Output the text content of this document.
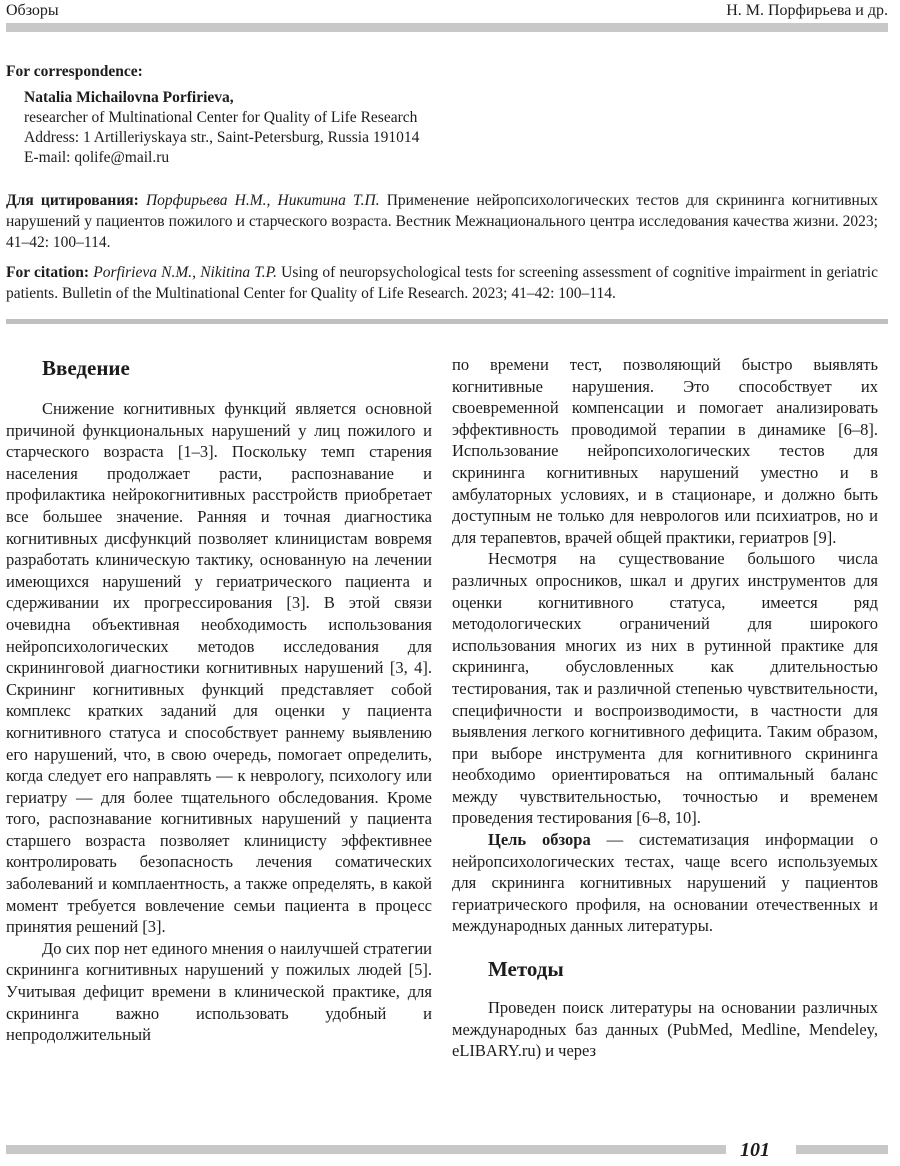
Обзоры	Н. М. Порфирьева и др.
For correspondence:
Natalia Michailovna Porfirieva,
researcher of Multinational Center for Quality of Life Research
Address: 1 Artilleriyskaya str., Saint-Petersburg, Russia 191014
E-mail: qolife@mail.ru
Для цитирования: Порфирьева Н.М., Никитина Т.П. Применение нейропсихологических тестов для скрининга когнитивных нарушений у пациентов пожилого и старческого возраста. Вестник Межнационального центра исследования качества жизни. 2023; 41–42: 100–114.
For citation: Porfirieva N.M., Nikitina T.P. Using of neuropsychological tests for screening assessment of cognitive impairment in geriatric patients. Bulletin of the Multinational Center for Quality of Life Research. 2023; 41–42: 100–114.
Введение

Снижение когнитивных функций является основной причиной функциональных нарушений у лиц пожилого и старческого возраста [1–3]. Поскольку темп старения населения продолжает расти, распознавание и профилактика нейрокогнитивных расстройств приобретает все большее значение. Ранняя и точная диагностика когнитивных дисфункций позволяет клиницистам вовремя разработать клиническую тактику, основанную на лечении имеющихся нарушений у гериатрического пациента и сдерживании их прогрессирования [3]. В этой связи очевидна объективная необходимость использования нейропсихологических методов исследования для скрининговой диагностики когнитивных нарушений [3, 4]. Скрининг когнитивных функций представляет собой комплекс кратких заданий для оценки у пациента когнитивного статуса и способствует раннему выявлению его нарушений, что, в свою очередь, помогает определить, когда следует его направлять — к неврологу, психологу или гериатру — для более тщательного обследования. Кроме того, распознавание когнитивных нарушений у пациента старшего возраста позволяет клиницисту эффективнее контролировать безопасность лечения соматических заболеваний и комплаентность, а также определять, в какой момент требуется вовлечение семьи пациента в процесс принятия решений [3].

До сих пор нет единого мнения о наилучшей стратегии скрининга когнитивных нарушений у пожилых людей [5]. Учитывая дефицит времени в клинической практике, для скрининга важно использовать удобный и непродолжительный

по времени тест, позволяющий быстро выявлять когнитивные нарушения. Это способствует их своевременной компенсации и помогает анализировать эффективность проводимой терапии в динамике [6–8]. Использование нейропсихологических тестов для скрининга когнитивных нарушений уместно и в амбулаторных условиях, и в стационаре, и должно быть доступным не только для неврологов или психиатров, но и для терапевтов, врачей общей практики, гериатров [9].

Несмотря на существование большого числа различных опросников, шкал и других инструментов для оценки когнитивного статуса, имеется ряд методологических ограничений для широкого использования многих из них в рутинной практике для скрининга, обусловленных как длительностью тестирования, так и различной степенью чувствительности, специфичности и воспроизводимости, в частности для выявления легкого когнитивного дефицита. Таким образом, при выборе инструмента для когнитивного скрининга необходимо ориентироваться на оптимальный баланс между чувствительностью, точностью и временем проведения тестирования [6–8, 10].

Цель обзора — систематизация информации о нейропсихологических тестах, чаще всего используемых для скрининга когнитивных нарушений у пациентов гериатрического профиля, на основании отечественных и международных данных литературы.

Методы

Проведен поиск литературы на основании различных международных баз данных (PubMed, Medline, Mendeley, eLIBARY.ru) и через

101
